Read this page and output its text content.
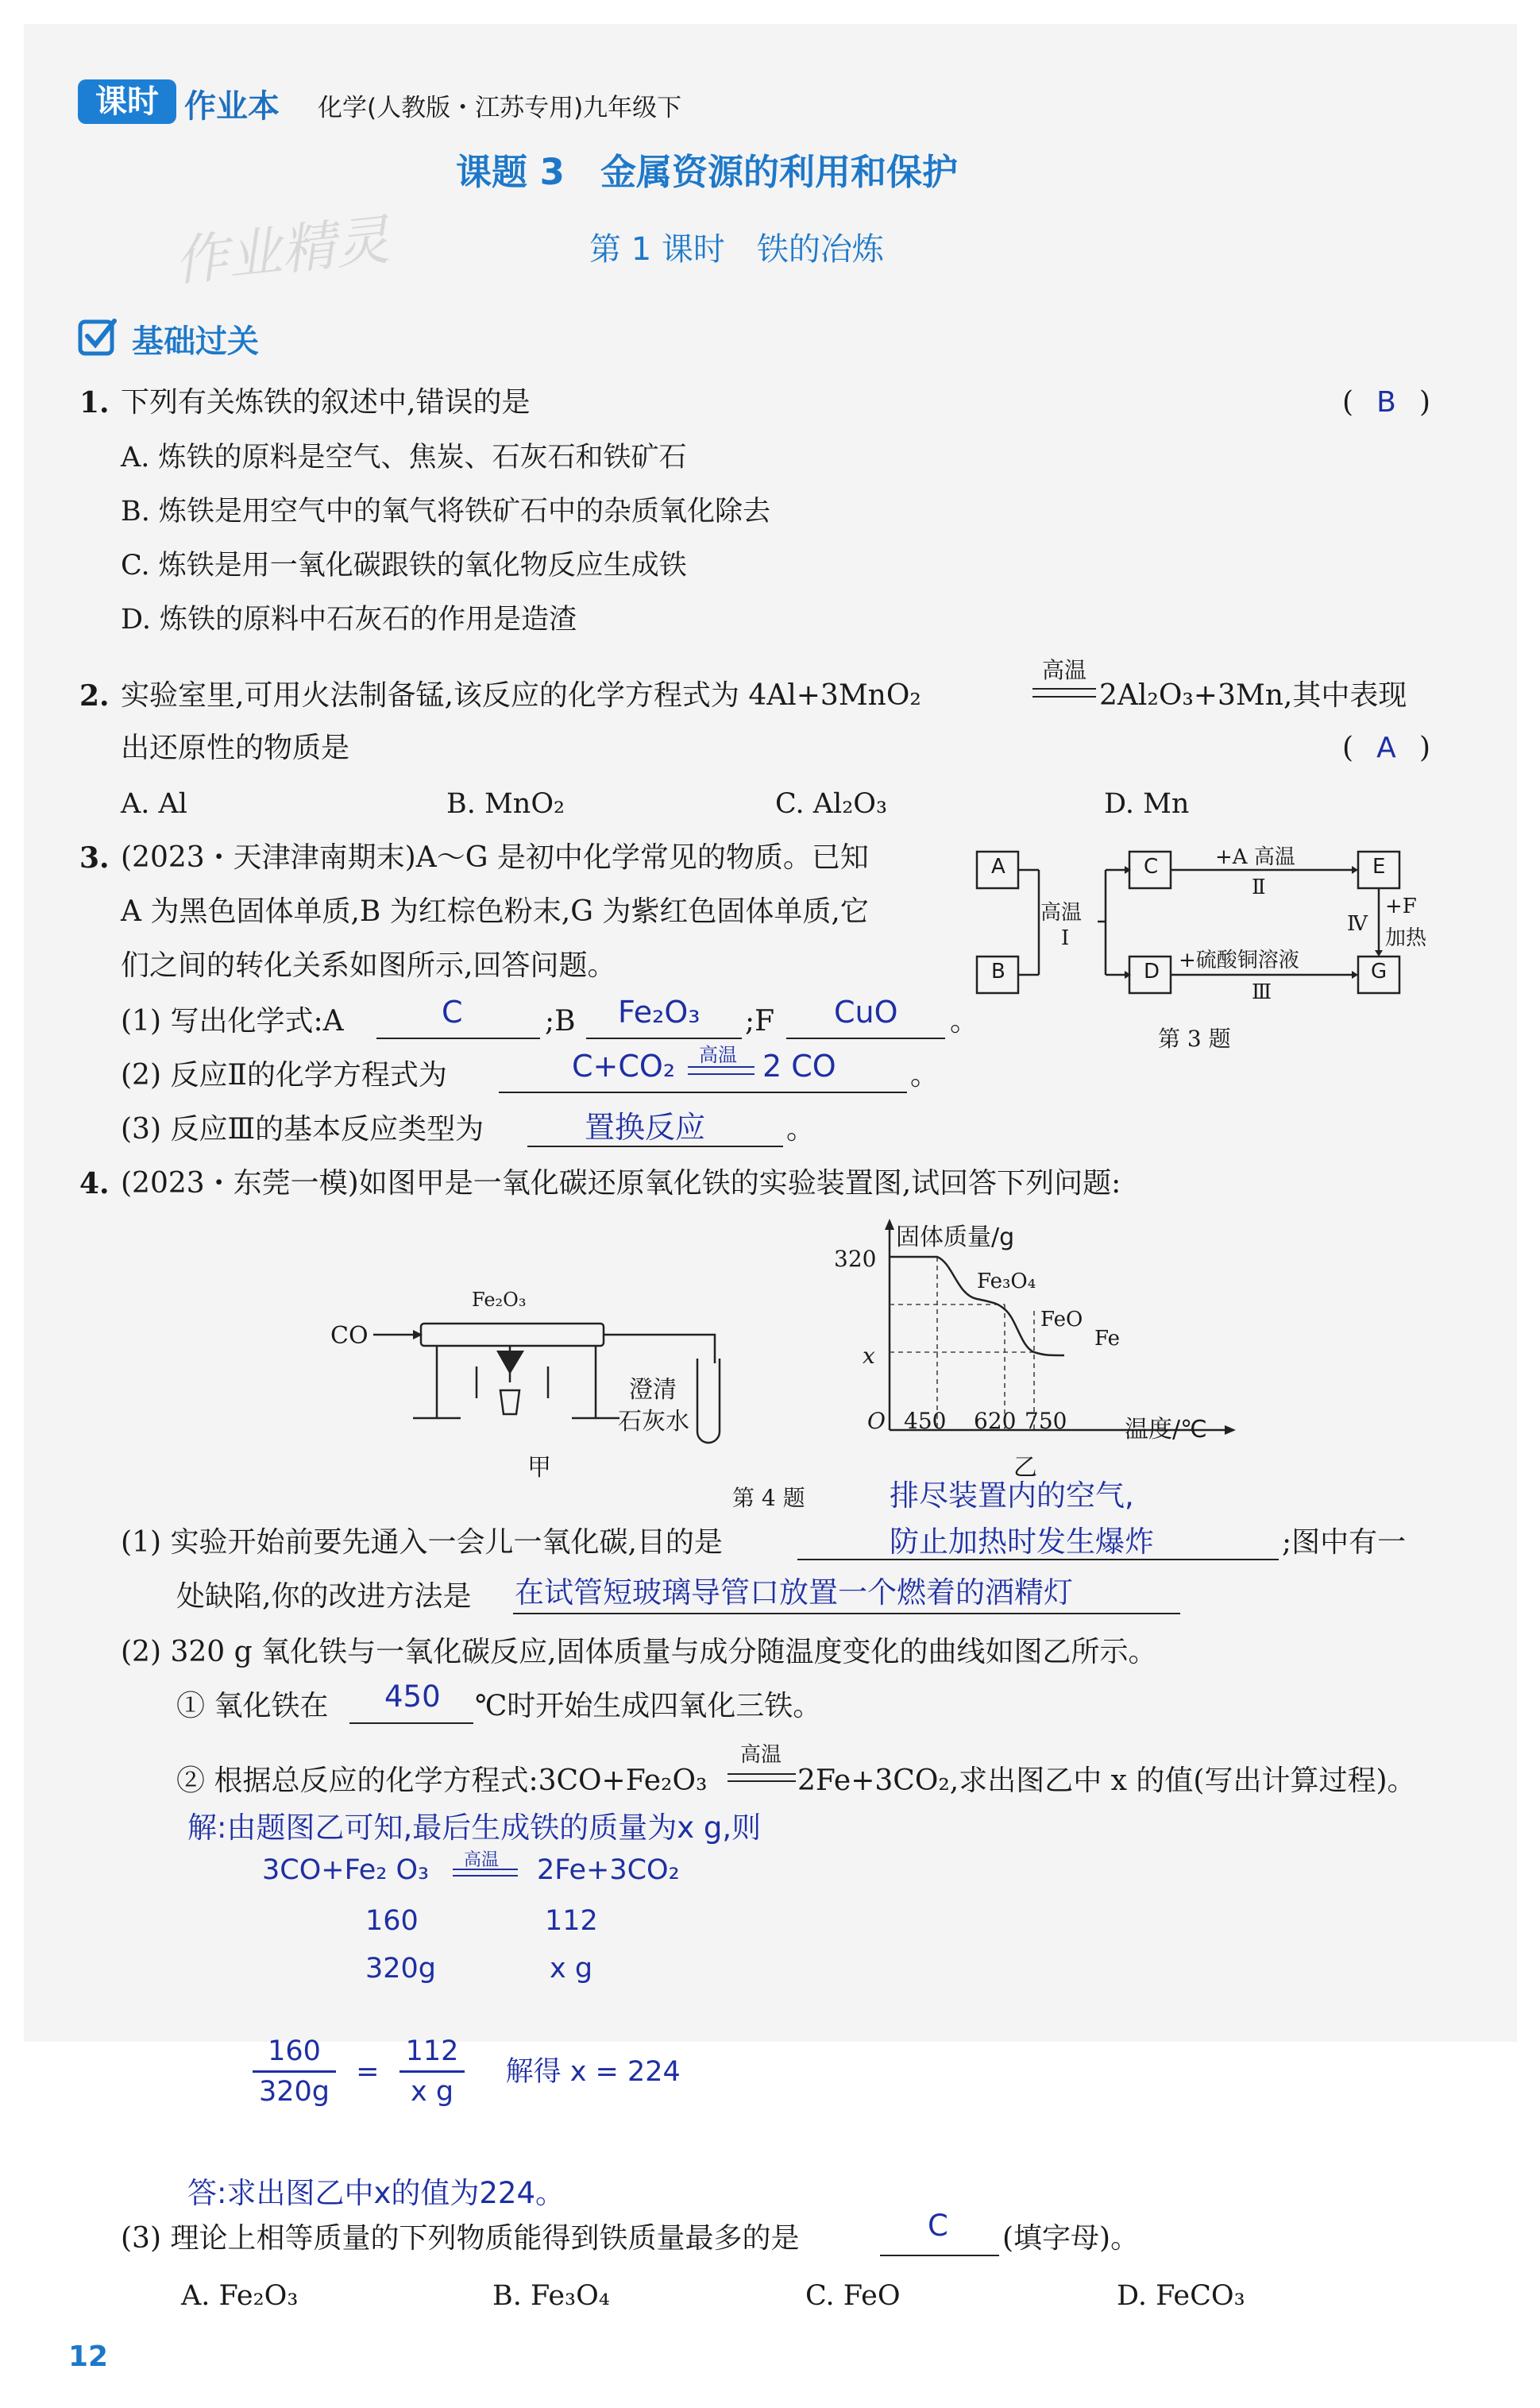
课时 作业本 化学(人教版・江苏专用)九年级下
作业精灵
课题 3　金属资源的利用和保护
第 1 课时　铁的冶炼
基础过关
1. 下列有关炼铁的叙述中,错误的是	( B )
A. 炼铁的原料是空气、焦炭、石灰石和铁矿石
B. 炼铁是用空气中的氧气将铁矿石中的杂质氧化除去
C. 炼铁是用一氧化碳跟铁的氧化物反应生成铁
D. 炼铁的原料中石灰石的作用是造渣
2. 实验室里,可用火法制备锰,该反应的化学方程式为 4Al+3MnO₂
高温
2Al₂O₃+3Mn,其中表现
出还原性的物质是	( A )
A. Al	B. MnO₂	C. Al₂O₃	D. Mn
3. (2023・天津津南期末)A～G 是初中化学常见的物质。已知
A 为黑色固体单质,B 为红棕色粉末,G 为紫红色固体单质,它
们之间的转化关系如图所示,回答问题。
(1) 写出化学式:A	C	;B Fe₂O₃ ;F CuO 。
(2) 反应Ⅱ的化学方程式为	C+CO₂ 高温 2 CO	。
(3) 反应Ⅲ的基本反应类型为	置换反应	。
A
B
C
D
E
G
高温
Ⅰ
+A 高温
Ⅱ
+硫酸铜溶液
Ⅲ
Ⅳ
+F
加热
第 3 题
4. (2023・东莞一模)如图甲是一氧化碳还原氧化铁的实验装置图,试回答下列问题:
CO
Fe₂O₃
澄清
石灰水
甲
固体质量/g
320
x
O 450 620 750 温度/℃
Fe₃O₄
FeO
Fe
乙
第 4 题	排尽装置内的空气,
(1) 实验开始前要先通入一会儿一氧化碳,目的是	防止加热时发生爆炸	;图中有一
处缺陷,你的改进方法是 在试管短玻璃导管口放置一个燃着的酒精灯
(2) 320 g 氧化铁与一氧化碳反应,固体质量与成分随温度变化的曲线如图乙所示。
① 氧化铁在 450 ℃时开始生成四氧化三铁。
② 根据总反应的化学方程式:3CO+Fe₂O₃
高温
2Fe+3CO₂,求出图乙中 x 的值(写出计算过程)。
解:由题图乙可知,最后生成铁的质量为x g,则
3CO+Fe₂ O₃ 高温 2Fe+3CO₂
160	112
320g	x g
$\frac{160}{320g} = \frac{112}{\text{x g}}$ 解得 x = 224
答:求出图乙中x的值为224。
(3) 理论上相等质量的下列物质能得到铁质量最多的是	C (填字母)。
A. Fe₂O₃	B. Fe₃O₄	C. FeO	D. FeCO₃
12
